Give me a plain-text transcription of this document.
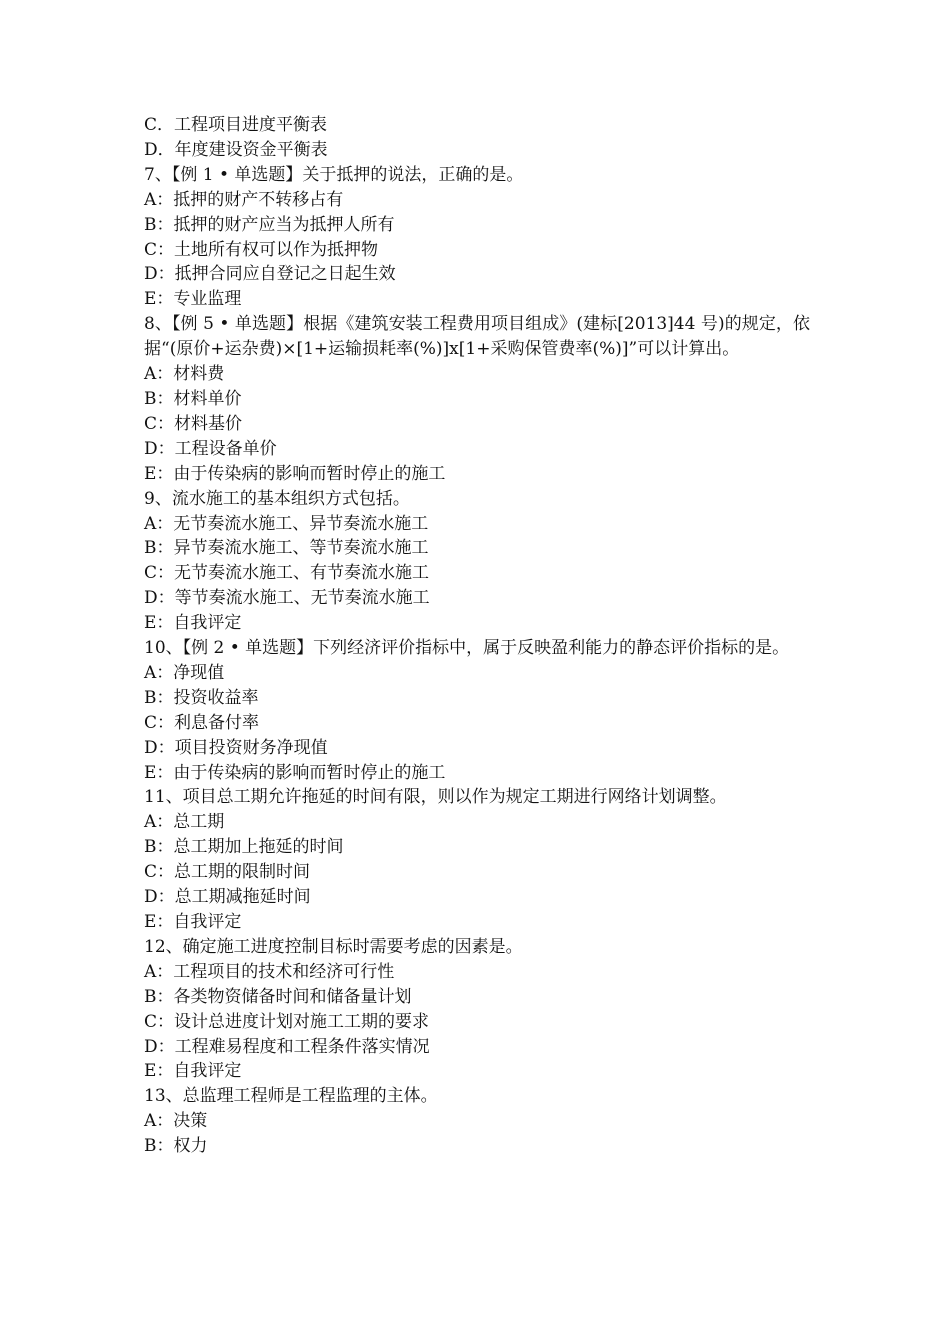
C．工程项目进度平衡表
D．年度建设资金平衡表
7、【例 1 • 单选题】关于抵押的说法，正确的是。
A：抵押的财产不转移占有
B：抵押的财产应当为抵押人所有
C：土地所有权可以作为抵押物
D：抵押合同应自登记之日起生效
E：专业监理
8、【例 5 • 单选题】根据《建筑安装工程费用项目组成》(建标[2013]44 号)的规定，依据“(原价+运杂费)×[1+运输损耗率(%)]x[1+采购保管费率(%)]”可以计算出。
A：材料费
B：材料单价
C：材料基价
D：工程设备单价
E：由于传染病的影响而暂时停止的施工
9、流水施工的基本组织方式包括。
A：无节奏流水施工、异节奏流水施工
B：异节奏流水施工、等节奏流水施工
C：无节奏流水施工、有节奏流水施工
D：等节奏流水施工、无节奏流水施工
E：自我评定
10、【例 2 • 单选题】下列经济评价指标中，属于反映盈利能力的静态评价指标的是。
A：净现值
B：投资收益率
C：利息备付率
D：项目投资财务净现值
E：由于传染病的影响而暂时停止的施工
11、项目总工期允许拖延的时间有限，则以作为规定工期进行网络计划调整。
A：总工期
B：总工期加上拖延的时间
C：总工期的限制时间
D：总工期减拖延时间
E：自我评定
12、确定施工进度控制目标时需要考虑的因素是。
A：工程项目的技术和经济可行性
B：各类物资储备时间和储备量计划
C：设计总进度计划对施工工期的要求
D：工程难易程度和工程条件落实情况
E：自我评定
13、总监理工程师是工程监理的主体。
A：决策
B：权力
